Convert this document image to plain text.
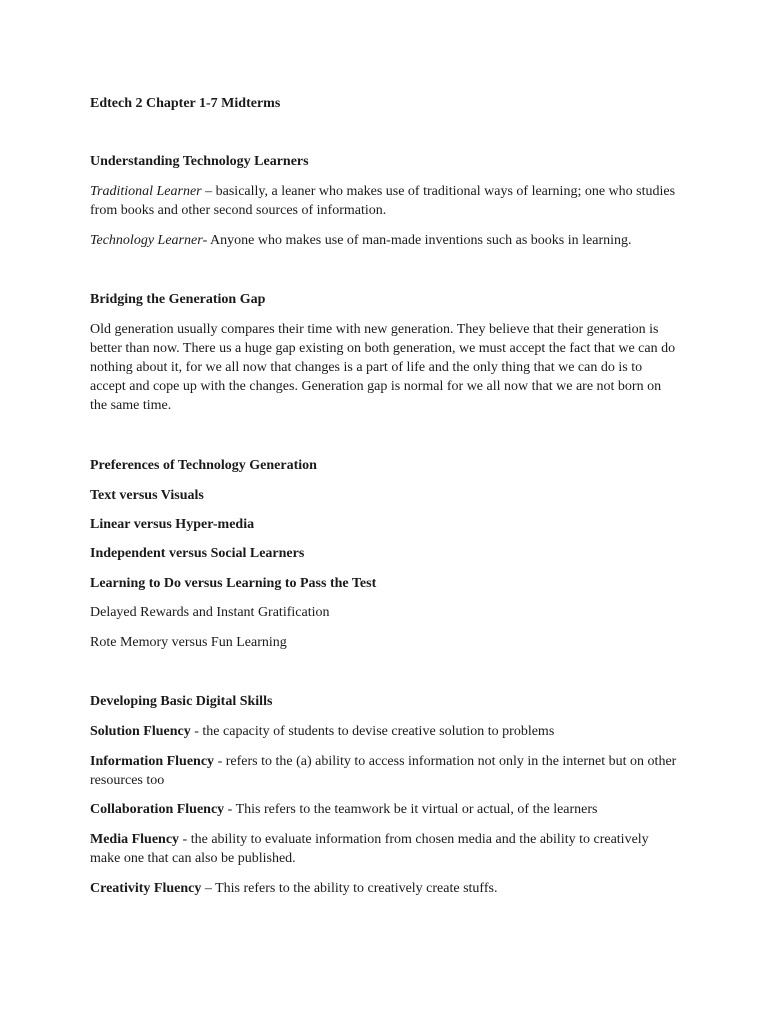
Edtech 2 Chapter 1-7 Midterms

Understanding Technology Learners

Traditional Learner – basically, a leaner who makes use of traditional ways of learning; one who studies from books and other second sources of information.

Technology Learner- Anyone who makes use of man-made inventions such as books in learning.

Bridging the Generation Gap

Old generation usually compares their time with new generation. They believe that their generation is better than now. There us a huge gap existing on both generation, we must accept the fact that we can do nothing about it, for we all now that changes is a part of life and the only thing that we can do is to accept and cope up with the changes. Generation gap is normal for we all now that we are not born on the same time.

Preferences of Technology Generation

Text versus Visuals

Linear versus Hyper-media

Independent versus Social Learners

Learning to Do versus Learning to Pass the Test

Delayed Rewards and Instant Gratification

Rote Memory versus Fun Learning

Developing Basic Digital Skills

Solution Fluency - the capacity of students to devise creative solution to problems

Information Fluency - refers to the (a) ability to access information not only in the internet but on other resources too

Collaboration Fluency - This refers to the teamwork be it virtual or actual, of the learners

Media Fluency - the ability to evaluate information from chosen media and the ability to creatively make one that can also be published.

Creativity Fluency – This refers to the ability to creatively create stuffs.
